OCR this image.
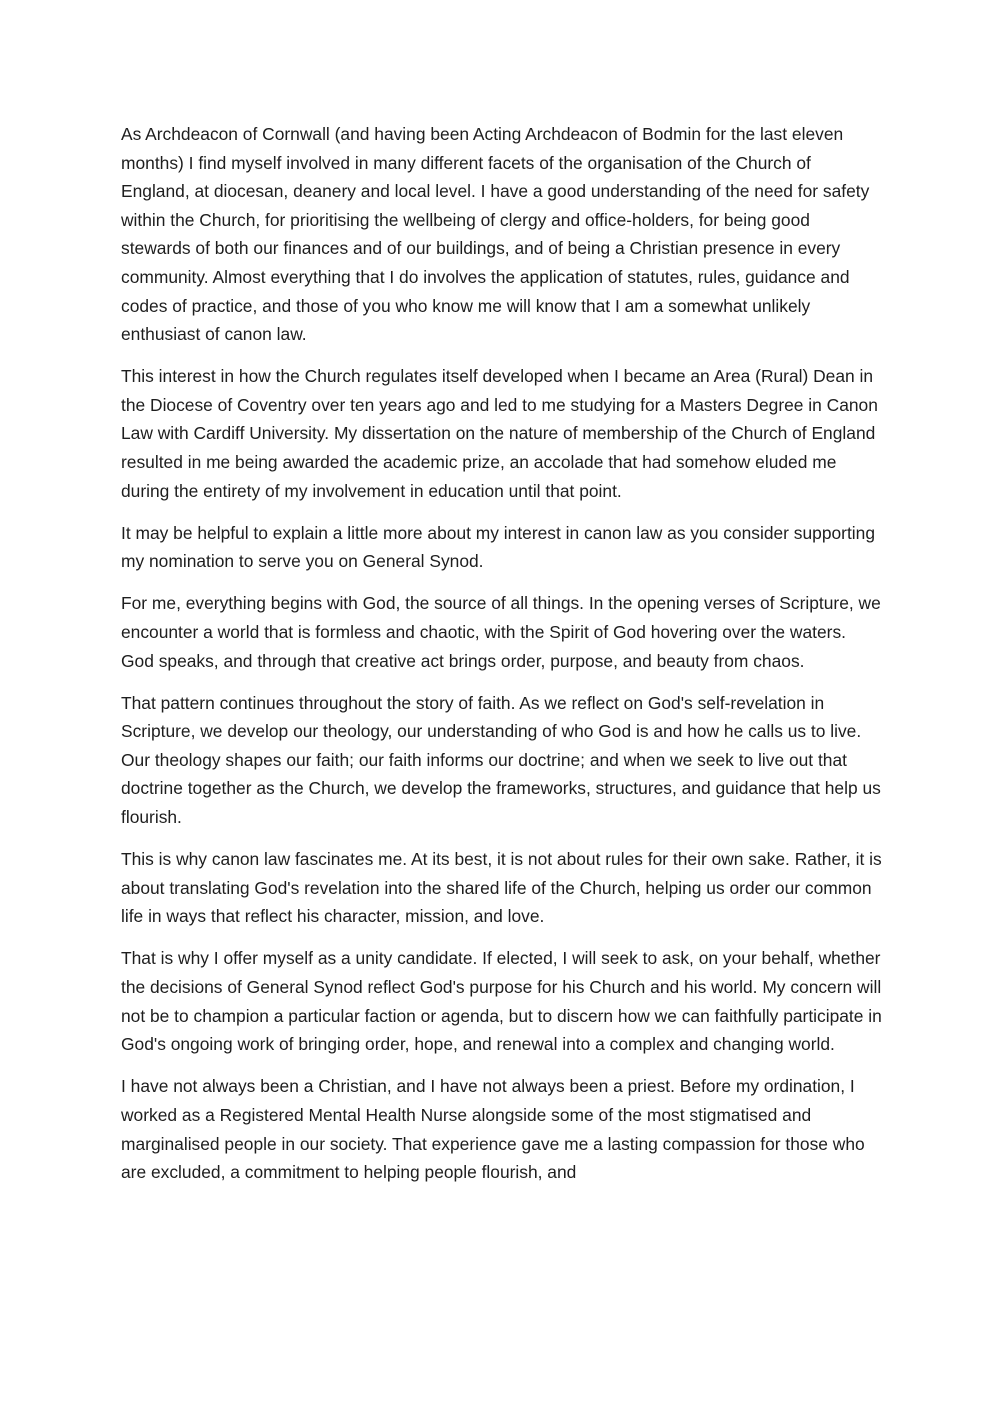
As Archdeacon of Cornwall (and having been Acting Archdeacon of Bodmin for the last eleven months) I find myself involved in many different facets of the organisation of the Church of England, at diocesan, deanery and local level. I have a good understanding of the need for safety within the Church, for prioritising the wellbeing of clergy and office-holders, for being good stewards of both our finances and of our buildings, and of being a Christian presence in every community. Almost everything that I do involves the application of statutes, rules, guidance and codes of practice, and those of you who know me will know that I am a somewhat unlikely enthusiast of canon law.

This interest in how the Church regulates itself developed when I became an Area (Rural) Dean in the Diocese of Coventry over ten years ago and led to me studying for a Masters Degree in Canon Law with Cardiff University. My dissertation on the nature of membership of the Church of England resulted in me being awarded the academic prize, an accolade that had somehow eluded me during the entirety of my involvement in education until that point.

It may be helpful to explain a little more about my interest in canon law as you consider supporting my nomination to serve you on General Synod.

For me, everything begins with God, the source of all things. In the opening verses of Scripture, we encounter a world that is formless and chaotic, with the Spirit of God hovering over the waters. God speaks, and through that creative act brings order, purpose, and beauty from chaos.

That pattern continues throughout the story of faith. As we reflect on God's self-revelation in Scripture, we develop our theology, our understanding of who God is and how he calls us to live. Our theology shapes our faith; our faith informs our doctrine; and when we seek to live out that doctrine together as the Church, we develop the frameworks, structures, and guidance that help us flourish.

This is why canon law fascinates me. At its best, it is not about rules for their own sake. Rather, it is about translating God's revelation into the shared life of the Church, helping us order our common life in ways that reflect his character, mission, and love.

That is why I offer myself as a unity candidate. If elected, I will seek to ask, on your behalf, whether the decisions of General Synod reflect God's purpose for his Church and his world. My concern will not be to champion a particular faction or agenda, but to discern how we can faithfully participate in God's ongoing work of bringing order, hope, and renewal into a complex and changing world.

I have not always been a Christian, and I have not always been a priest. Before my ordination, I worked as a Registered Mental Health Nurse alongside some of the most stigmatised and marginalised people in our society. That experience gave me a lasting compassion for those who are excluded, a commitment to helping people flourish, and
